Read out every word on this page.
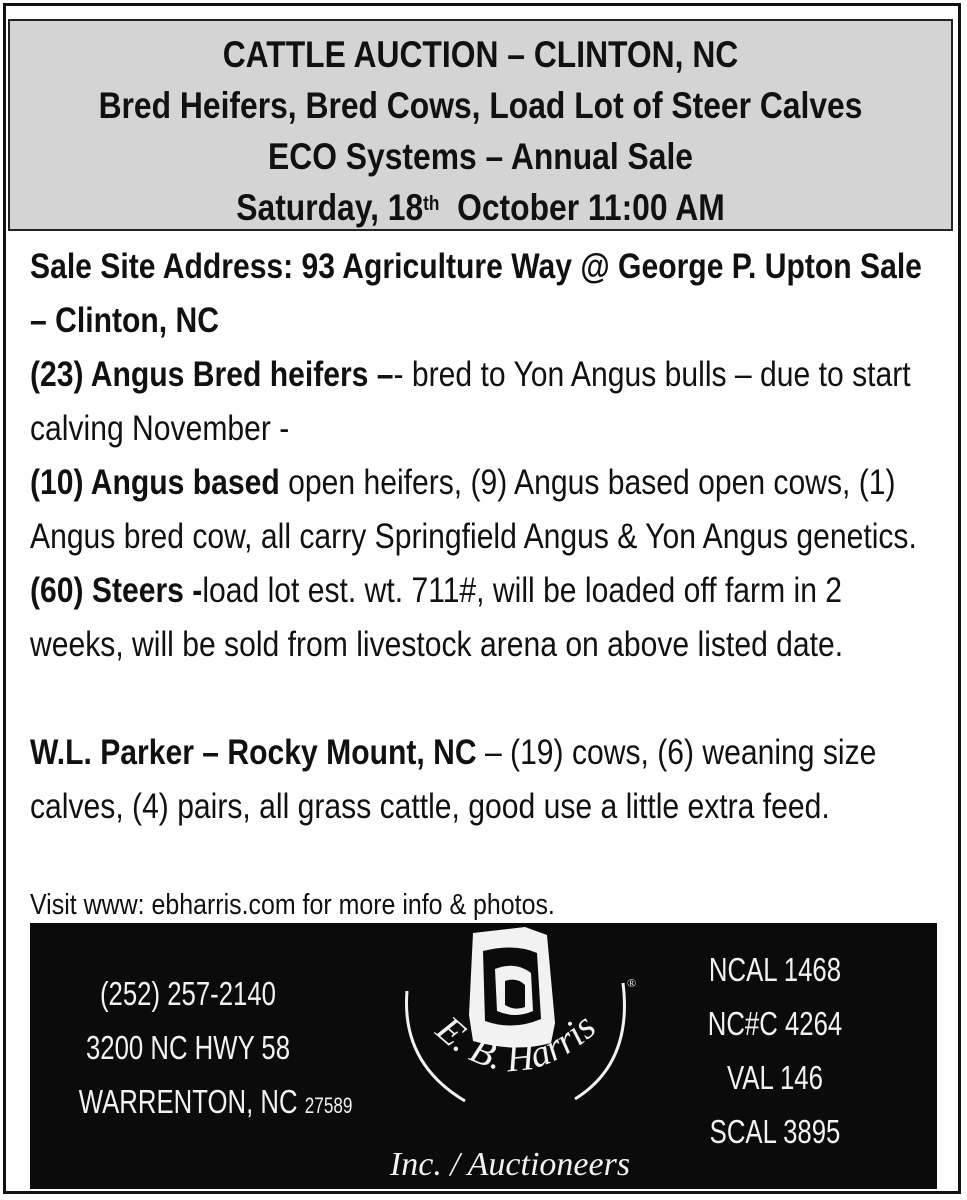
CATTLE AUCTION – CLINTON, NC
Bred Heifers, Bred Cows, Load Lot of Steer Calves
ECO Systems – Annual Sale
Saturday, 18th  October 11:00 AM

Sale Site Address: 93 Agriculture Way @ George P. Upton Sale – Clinton, NC

(23) Angus Bred heifers –- bred to Yon Angus bulls – due to start calving November -

(10) Angus based open heifers, (9) Angus based open cows, (1) Angus bred cow, all carry Springfield Angus & Yon Angus genetics.

(60) Steers -load lot est. wt. 711#, will be loaded off farm in 2 weeks, will be sold from livestock arena on above listed date.

W.L. Parker – Rocky Mount, NC – (19) cows, (6) weaning size calves, (4) pairs, all grass cattle, good use a little extra feed.

Visit www: ebharris.com for more info & photos.
(252) 257-2140
3200 NC HWY 58
WARRENTON, NC 27589
®
E. B. Harris
Inc. / Auctioneers
NCAL 1468
NC#C 4264
VAL 146
SCAL 3895
